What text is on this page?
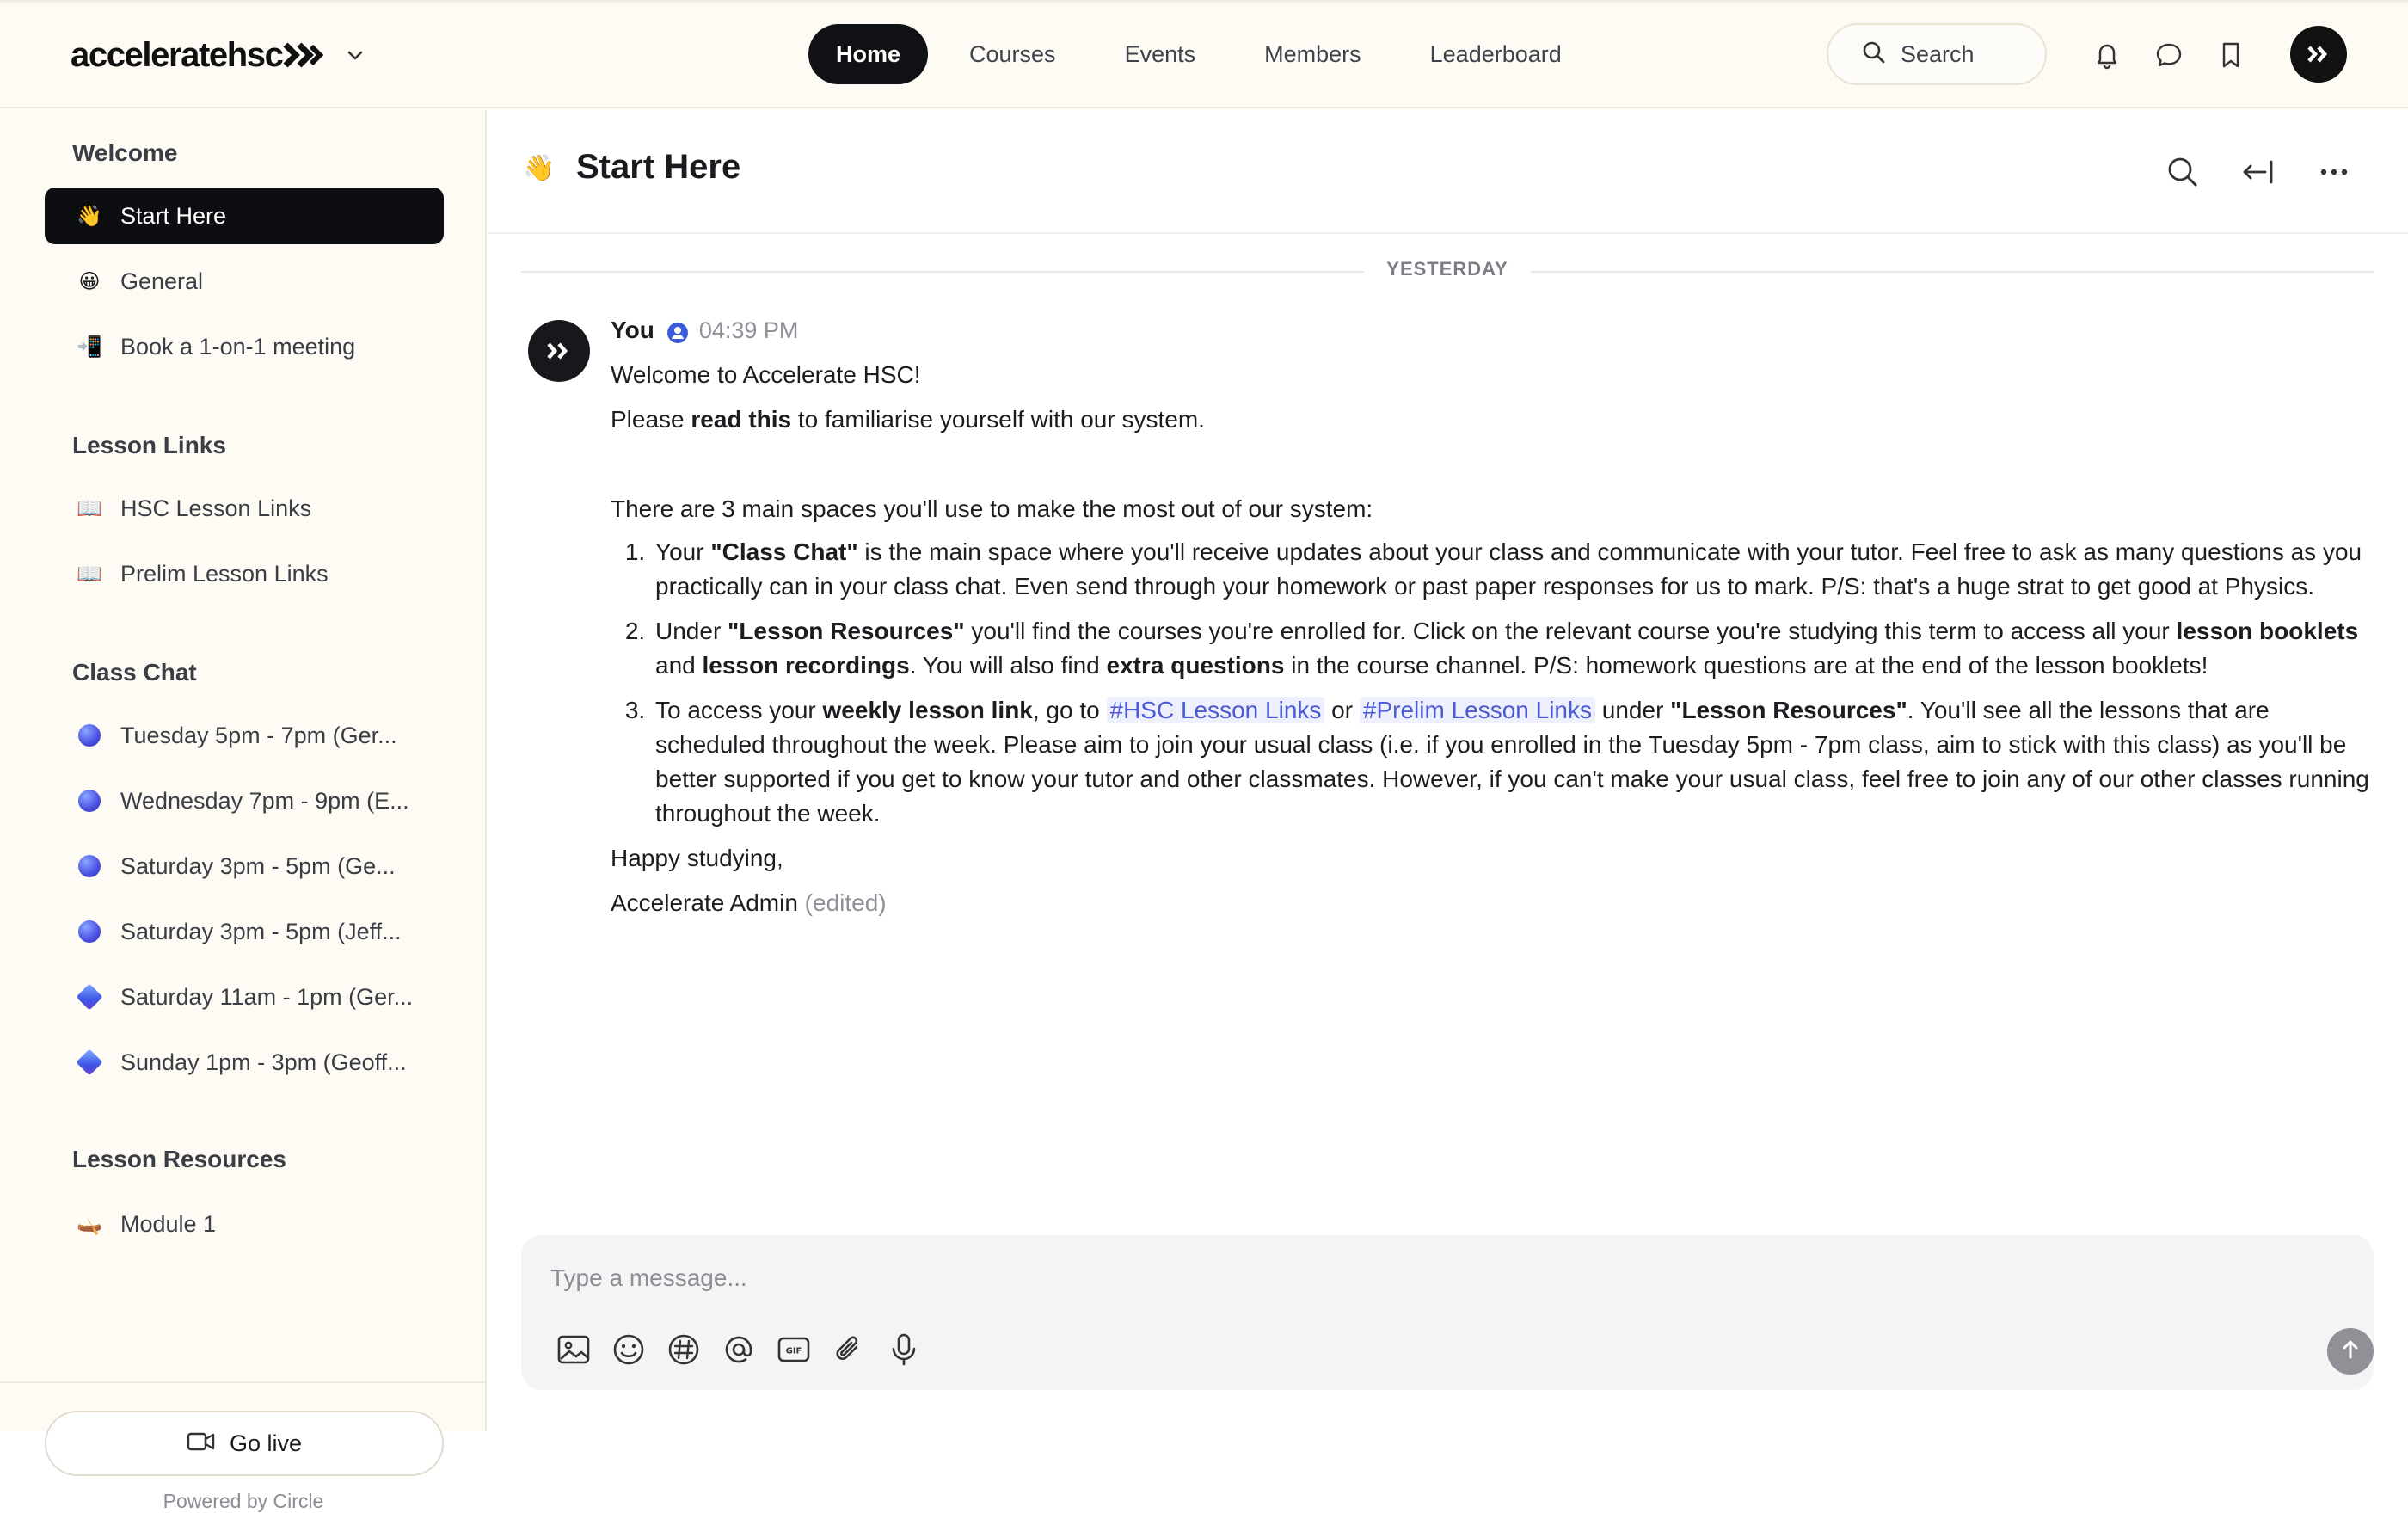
acceleratehsc	Home	Courses	Events	Members	Leaderboard	Search
Welcome
👋 Start Here
😀 General
📲 Book a 1-on-1 meeting
Lesson Links
📖 HSC Lesson Links
📖 Prelim Lesson Links
Class Chat
Tuesday 5pm - 7pm (Ger...
Wednesday 7pm - 9pm (E...
Saturday 3pm - 5pm (Ge...
Saturday 3pm - 5pm (Jeff...
Saturday 11am - 1pm (Ger...
Sunday 1pm - 3pm (Geoff...
Lesson Resources
🛶 Module 1
Go live
Powered by Circle
👋 Start Here
YESTERDAY
You 04:39 PM

Welcome to Accelerate HSC!

Please read this to familiarise yourself with our system.

There are 3 main spaces you'll use to make the most out of our system:

1. Your "Class Chat" is the main space where you'll receive updates about your class and communicate with your tutor. Feel free to ask as many questions as you practically can in your class chat. Even send through your homework or past paper responses for us to mark. P/S: that's a huge strat to get good at Physics.
2. Under "Lesson Resources" you'll find the courses you're enrolled for. Click on the relevant course you're studying this term to access all your lesson booklets and lesson recordings. You will also find extra questions in the course channel. P/S: homework questions are at the end of the lesson booklets!
3. To access your weekly lesson link, go to #HSC Lesson Links or #Prelim Lesson Links under "Lesson Resources". You'll see all the lessons that are scheduled throughout the week. Please aim to join your usual class (i.e. if you enrolled in the Tuesday 5pm - 7pm class, aim to stick with this class) as you'll be better supported if you get to know your tutor and other classmates. However, if you can't make your usual class, feel free to join any of our other classes running throughout the week.

Happy studying,

Accelerate Admin (edited)

Type a message...
GIF
